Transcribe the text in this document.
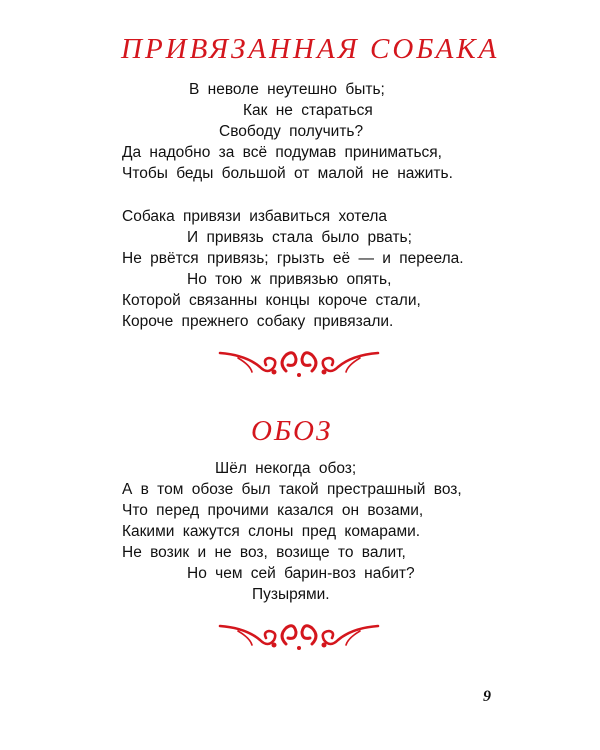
ПРИВЯЗАННАЯ СОБАКА

В неволе неутешно быть;

Как не стараться

Свободу получить?

Да надобно за всё подумав приниматься,

Чтобы беды большой от малой не нажить.

Собака привязи избавиться хотела

И привязь стала было рвать;

Не рвётся привязь; грызть её — и переела.

Но тою ж привязью опять,

Которой связанны концы короче стали,

Короче прежнего собаку привязали.

ОБОЗ

Шёл некогда обоз;

А в том обозе был такой престрашный воз,

Что перед прочими казался он возами,

Какими кажутся слоны пред комарами.

Не возик и не воз, возище то валит,

Но чем сей барин-воз набит?

Пузырями.

9
